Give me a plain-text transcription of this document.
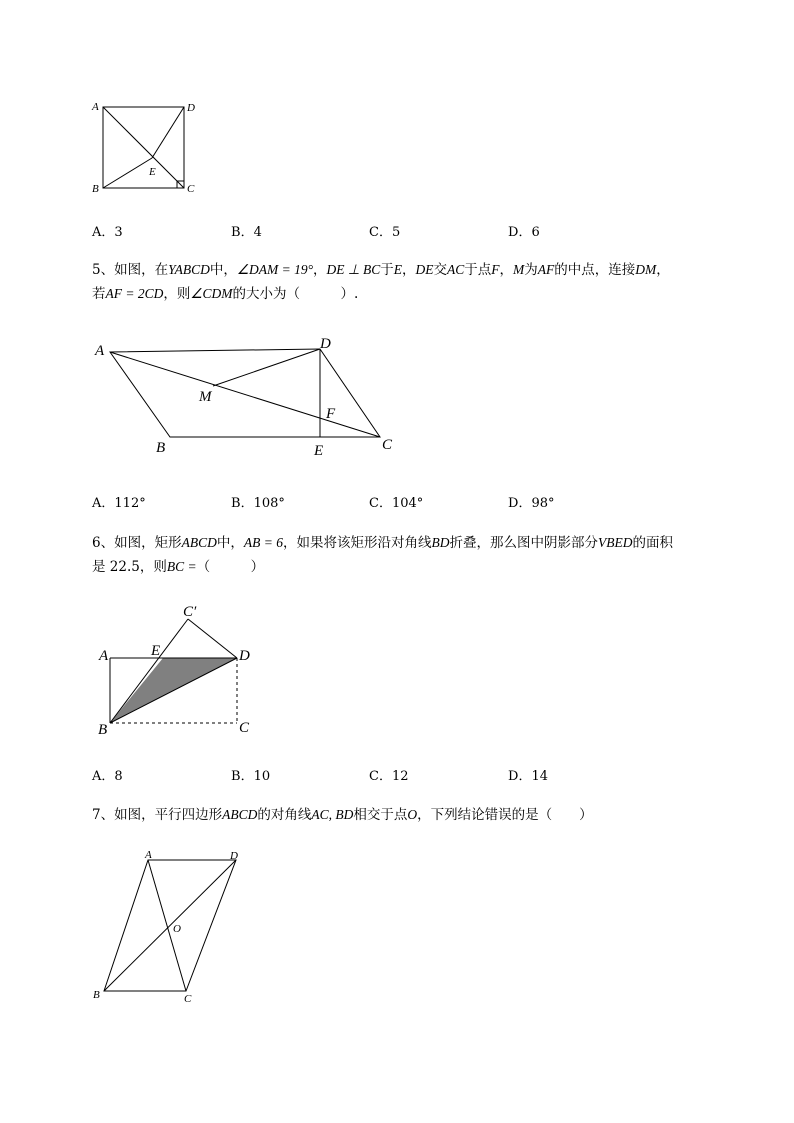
A	D
B	C
E
A．3	B．4	C．5	D．6
5、如图，在YABCD中，∠DAM = 19°，DE ⊥ BC于E，DE交AC于点F，M为AF的中点，连接DM，
若AF = 2CD，则∠CDM的大小为（　　　）.
A	D
M
F
B	E	C
A．112°	B．108°	C．104°	D．98°
6、如图，矩形ABCD中，AB = 6，如果将该矩形沿对角线BD折叠，那么图中阴影部分VBED的面积
是 22.5，则BC =（　　　）
C′
A	E	D
B	C
A．8	B．10	C．12	D．14
7、如图，平行四边形ABCD的对角线AC, BD相交于点O，下列结论错误的是（　　）
A	D
O
B	C
